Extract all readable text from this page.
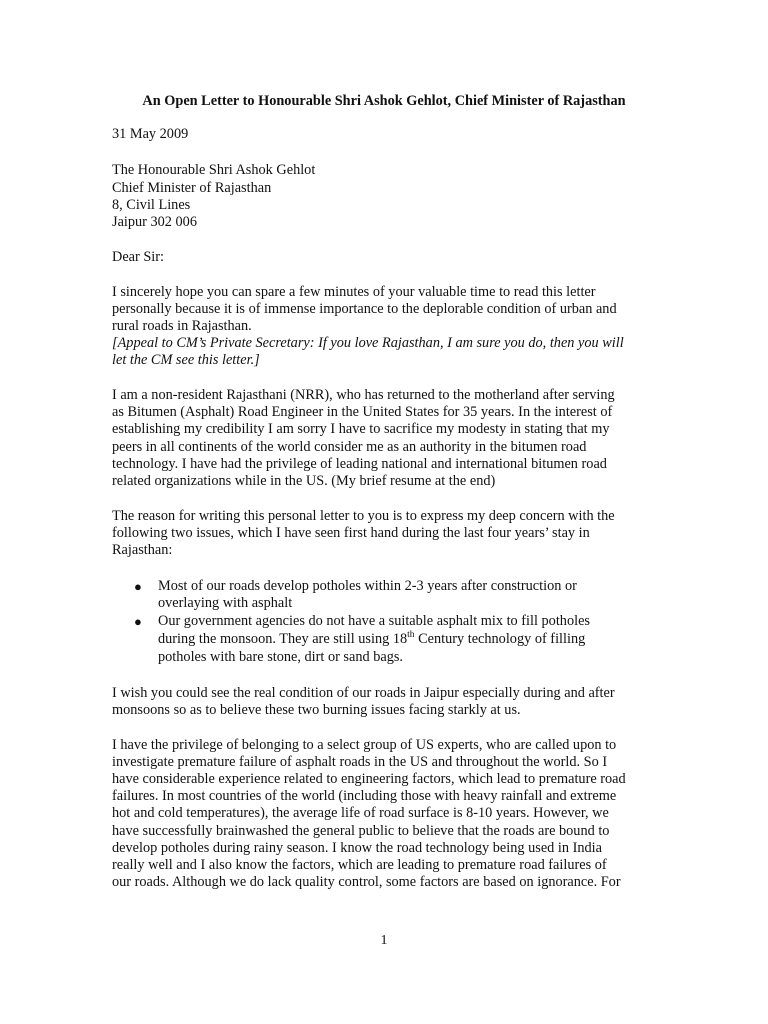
An Open Letter to Honourable Shri Ashok Gehlot, Chief Minister of Rajasthan
31 May 2009
The Honourable Shri Ashok Gehlot
Chief Minister of Rajasthan
8, Civil Lines
Jaipur 302 006
Dear Sir:
I sincerely hope you can spare a few minutes of your valuable time to read this letter
personally because it is of immense importance to the deplorable condition of urban and
rural roads in Rajasthan.
[Appeal to CM’s Private Secretary: If you love Rajasthan, I am sure you do, then you will
let the CM see this letter.]
I am a non-resident Rajasthani (NRR), who has returned to the motherland after serving
as Bitumen (Asphalt) Road Engineer in the United States for 35 years. In the interest of
establishing my credibility I am sorry I have to sacrifice my modesty in stating that my
peers in all continents of the world consider me as an authority in the bitumen road
technology. I have had the privilege of leading national and international bitumen road
related organizations while in the US. (My brief resume at the end)
The reason for writing this personal letter to you is to express my deep concern with the
following two issues, which I have seen first hand during the last four years’ stay in
Rajasthan:
● Most of our roads develop potholes within 2-3 years after construction or
overlaying with asphalt
● Our government agencies do not have a suitable asphalt mix to fill potholes
during the monsoon. They are still using 18th Century technology of filling
potholes with bare stone, dirt or sand bags.
I wish you could see the real condition of our roads in Jaipur especially during and after
monsoons so as to believe these two burning issues facing starkly at us.
I have the privilege of belonging to a select group of US experts, who are called upon to
investigate premature failure of asphalt roads in the US and throughout the world. So I
have considerable experience related to engineering factors, which lead to premature road
failures. In most countries of the world (including those with heavy rainfall and extreme
hot and cold temperatures), the average life of road surface is 8-10 years. However, we
have successfully brainwashed the general public to believe that the roads are bound to
develop potholes during rainy season. I know the road technology being used in India
really well and I also know the factors, which are leading to premature road failures of
our roads. Although we do lack quality control, some factors are based on ignorance. For
1
